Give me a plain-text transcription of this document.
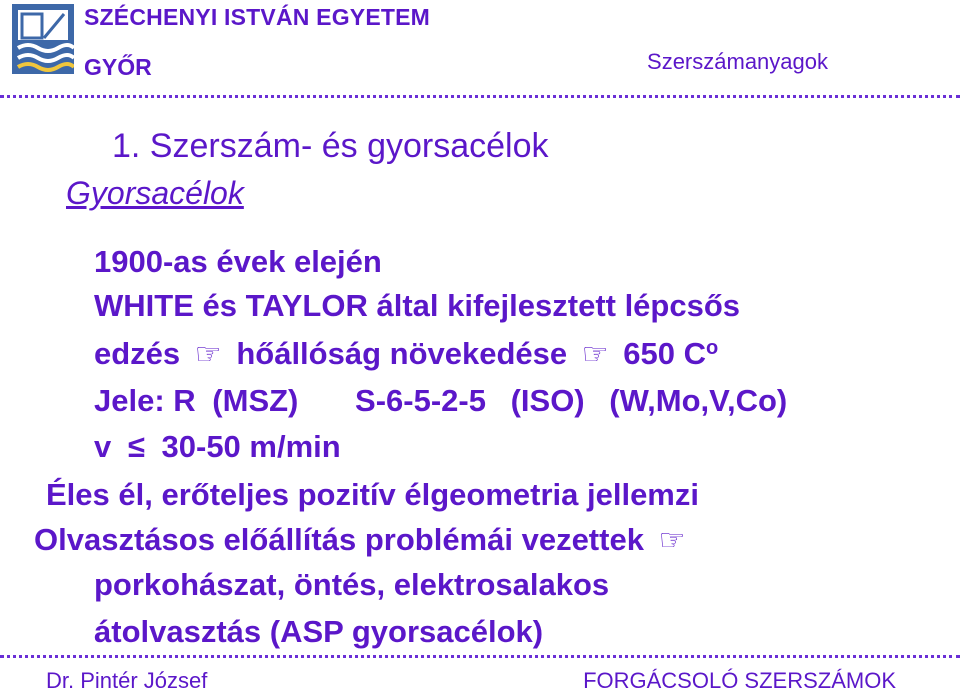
SZÉCHENYI ISTVÁN EGYETEM
GYŐR	Szerszámanyagok
1. Szerszám- és gyorsacélok
Gyorsacélok
1900-as évek elején
WHITE és TAYLOR által kifejlesztett lépcsős
edzés ☞ hőállóság növekedése ☞ 650 $C^o$
Jele: R (MSZ) S-6-5-2-5 (ISO) (W,Mo,V,Co)
v ≤ 30-50 m/min
Éles él, erőteljes pozitív élgeometria jellemzi
Olvasztásos előállítás problémái vezettek ☞
porkohászat, öntés, elektrosalakos
átolvasztás (ASP gyorsacélok)
Dr. Pintér József	FORGÁCSOLÓ SZERSZÁMOK
